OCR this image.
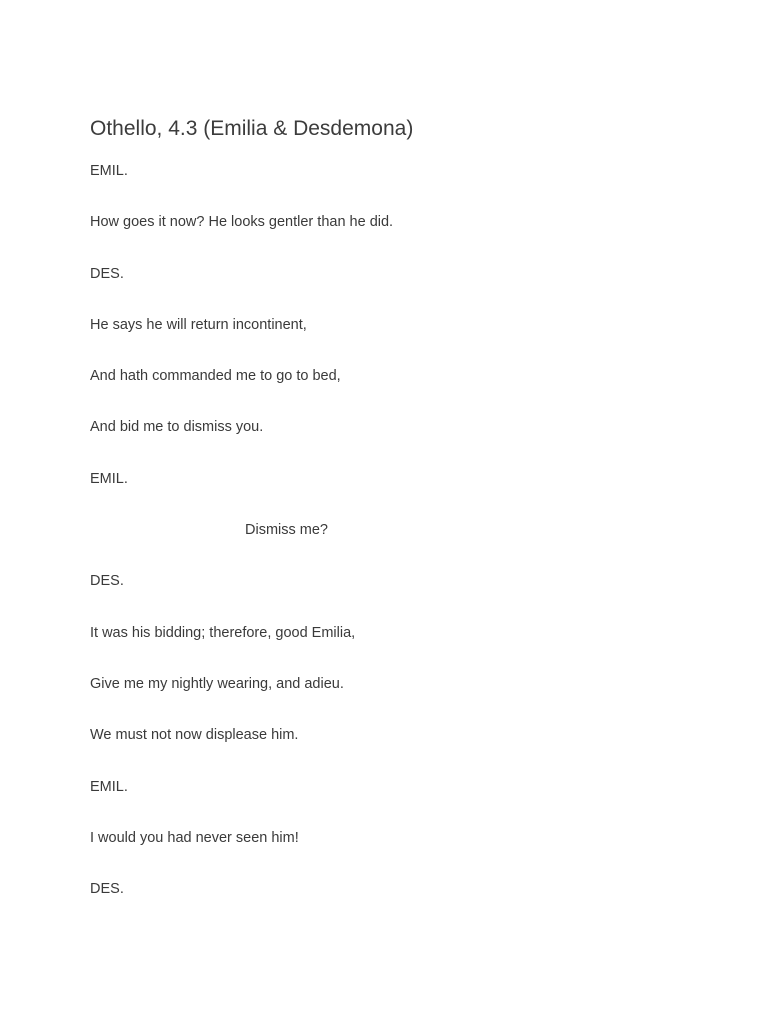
Othello, 4.3 (Emilia & Desdemona)

EMIL.

How goes it now? He looks gentler than he did.

DES.

He says he will return incontinent,

And hath commanded me to go to bed,

And bid me to dismiss you.

EMIL.

Dismiss me?

DES.

It was his bidding; therefore, good Emilia,

Give me my nightly wearing, and adieu.

We must not now displease him.

EMIL.

I would you had never seen him!

DES.
